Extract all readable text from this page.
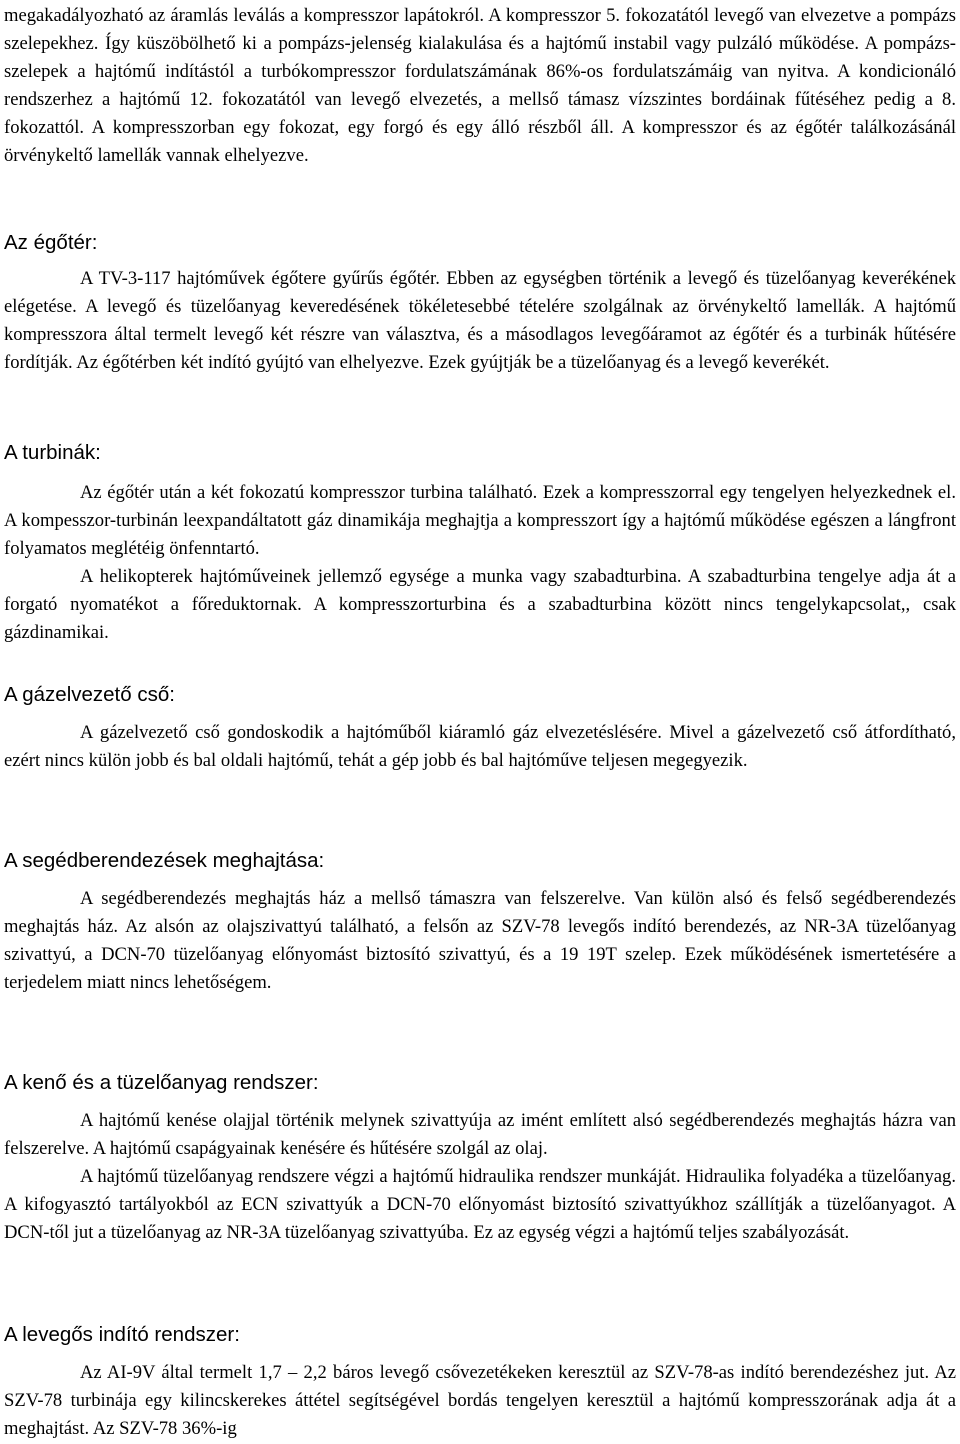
megakadályozható az áramlás leválás a kompresszor lapátokról. A kompresszor 5. fokozatától levegő van elvezetve a pompázs szelepekhez. Így küszöbölhető ki a pompázs-jelenség kialakulása és a hajtómű instabil vagy pulzáló működése. A pompázs-szelepek a hajtómű indítástól a turbókompresszor fordulatszámának 86%-os fordulatszámáig van nyitva. A kondicionáló rendszerhez a hajtómű 12. fokozatától van levegő elvezetés, a mellső támasz vízszintes bordáinak fűtéséhez pedig a 8. fokozattól. A kompresszorban egy fokozat, egy forgó és egy álló részből áll. A kompresszor és az égőtér találkozásánál örvénykeltő lamellák vannak elhelyezve.

Az égőtér:

A TV-3-117 hajtóművek égőtere gyűrűs égőtér. Ebben az egységben történik a levegő és tüzelőanyag keverékének elégetése. A levegő és tüzelőanyag keveredésének tökéletesebbé tételére szolgálnak az örvénykeltő lamellák. A hajtómű kompresszora által termelt levegő két részre van választva, és a másodlagos levegőáramot az égőtér és a turbinák hűtésére fordítják. Az égőtérben két indító gyújtó van elhelyezve. Ezek gyújtják be a tüzelőanyag és a levegő keverékét.

A turbinák:

Az égőtér után a két fokozatú kompresszor turbina található. Ezek a kompresszorral egy tengelyen helyezkednek el. A kompesszor-turbinán leexpandáltatott gáz dinamikája meghajtja a kompresszort így a hajtómű működése egészen a lángfront folyamatos meglétéig önfenntartó.

A helikopterek hajtóműveinek jellemző egysége a munka vagy szabadturbina. A szabadturbina tengelye adja át a forgató nyomatékot a főreduktornak. A kompresszorturbina és a szabadturbina között nincs tengelykapcsolat,, csak gázdinamikai.

A gázelvezető cső:

A gázelvezető cső gondoskodik a hajtóműből kiáramló gáz elvezetéslésére. Mivel a gázelvezető cső átfordítható, ezért nincs külön jobb és bal oldali hajtómű, tehát a gép jobb és bal hajtóműve teljesen megegyezik.

A segédberendezések meghajtása:

A segédberendezés meghajtás ház a mellső támaszra van felszerelve. Van külön alsó és felső segédberendezés meghajtás ház. Az alsón az olajszivattyú található, a felsőn az SZV-78 levegős indító berendezés, az NR-3A tüzelőanyag szivattyú, a DCN-70 tüzelőanyag előnyomást biztosító szivattyú, és a 19 19T szelep. Ezek működésének ismertetésére a terjedelem miatt nincs lehetőségem.

A kenő és a tüzelőanyag rendszer:

A hajtómű kenése olajjal történik melynek szivattyúja az imént említett alsó segédberendezés meghajtás házra van felszerelve. A hajtómű csapágyainak kenésére és hűtésére szolgál az olaj.

A hajtómű tüzelőanyag rendszere végzi a hajtómű hidraulika rendszer munkáját. Hidraulika folyadéka a tüzelőanyag. A kifogyasztó tartályokból az ECN szivattyúk a DCN-70 előnyomást biztosító szivattyúkhoz szállítják a tüzelőanyagot. A DCN-től jut a tüzelőanyag az NR-3A tüzelőanyag szivattyúba. Ez az egység végzi a hajtómű teljes szabályozását.

A levegős indító rendszer:

Az AI-9V által termelt 1,7 – 2,2 báros levegő csővezetékeken keresztül az SZV-78-as indító berendezéshez jut. Az SZV-78 turbinája egy kilincskerekes áttétel segítségével bordás tengelyen keresztül a hajtómű kompresszorának adja át a meghajtást. Az SZV-78 36%-ig
